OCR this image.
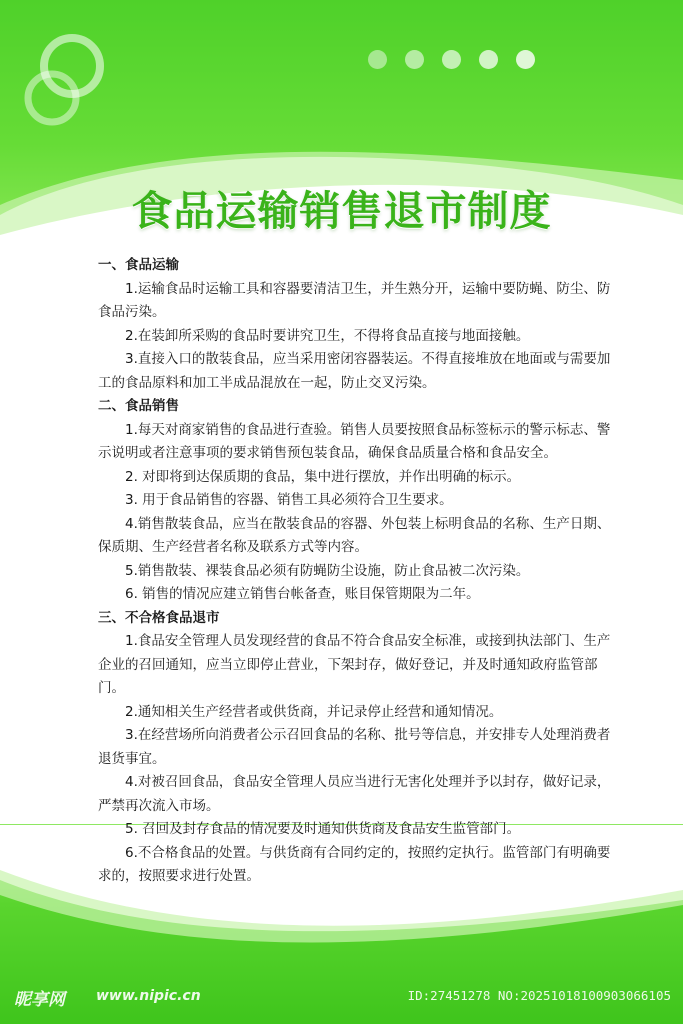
食品运输销售退市制度

一、食品运输

1.运输食品时运输工具和容器要清洁卫生，并生熟分开，运输中要防蝇、防尘、防食品污染。

2.在装卸所采购的食品时要讲究卫生，不得将食品直接与地面接触。

3.直接入口的散装食品，应当采用密闭容器装运。不得直接堆放在地面或与需要加工的食品原料和加工半成品混放在一起，防止交叉污染。

二、食品销售

1.每天对商家销售的食品进行查验。销售人员要按照食品标签标示的警示标志、警示说明或者注意事项的要求销售预包装食品，确保食品质量合格和食品安全。

2. 对即将到达保质期的食品，集中进行摆放，并作出明确的标示。

3. 用于食品销售的容器、销售工具必须符合卫生要求。

4.销售散装食品，应当在散装食品的容器、外包装上标明食品的名称、生产日期、保质期、生产经营者名称及联系方式等内容。

5.销售散装、裸装食品必须有防蝇防尘设施，防止食品被二次污染。

6. 销售的情况应建立销售台帐备查，账目保管期限为二年。

三、不合格食品退市

1.食品安全管理人员发现经营的食品不符合食品安全标准，或接到执法部门、生产企业的召回通知，应当立即停止营业，下架封存，做好登记，并及时通知政府监管部门。

2.通知相关生产经营者或供货商，并记录停止经营和通知情况。

3.在经营场所向消费者公示召回食品的名称、批号等信息，并安排专人处理消费者退货事宜。

4.对被召回食品，食品安全管理人员应当进行无害化处理并予以封存，做好记录，严禁再次流入市场。

5. 召回及封存食品的情况要及时通知供货商及食品安生监管部门。

6.不合格食品的处置。与供货商有合同约定的，按照约定执行。监管部门有明确要求的，按照要求进行处置。

昵享网 www.nipic.cn	ID:27451278 NO:20251018100903066105
